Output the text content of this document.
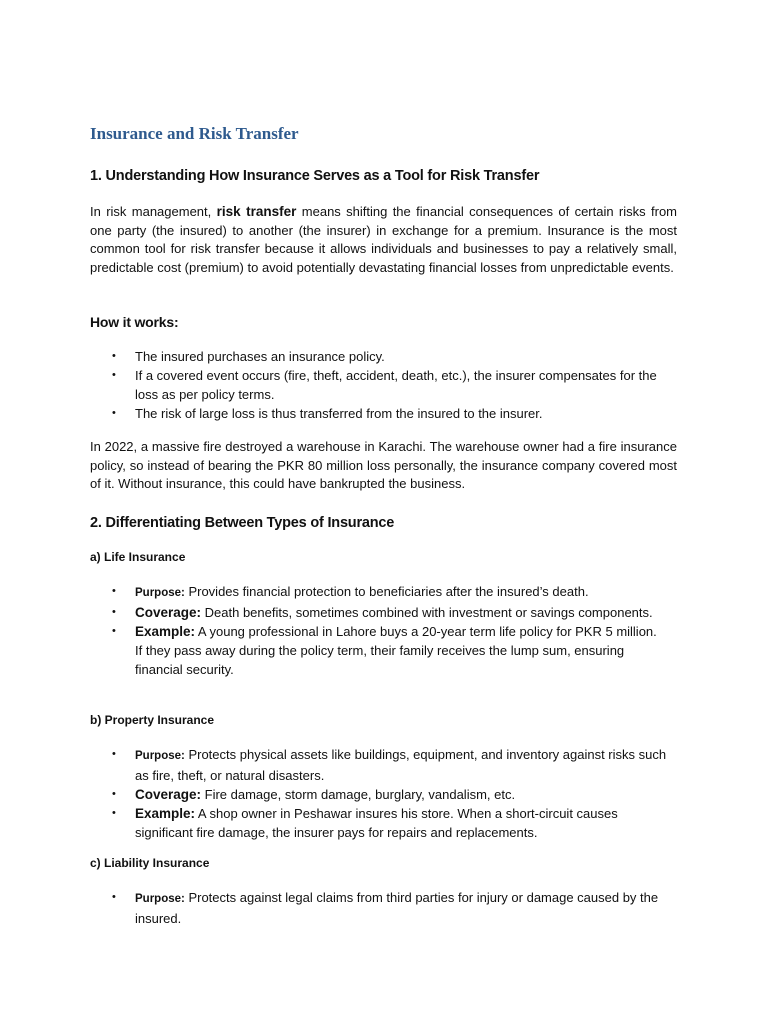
Insurance and Risk Transfer
1. Understanding How Insurance Serves as a Tool for Risk Transfer

In risk management, risk transfer means shifting the financial consequences of certain risks from one party (the insured) to another (the insurer) in exchange for a premium. Insurance is the most common tool for risk transfer because it allows individuals and businesses to pay a relatively small, predictable cost (premium) to avoid potentially devastating financial losses from unpredictable events.

How it works:
• The insured purchases an insurance policy.
• If a covered event occurs (fire, theft, accident, death, etc.), the insurer compensates for the loss as per policy terms.
• The risk of large loss is thus transferred from the insured to the insurer.

In 2022, a massive fire destroyed a warehouse in Karachi. The warehouse owner had a fire insurance policy, so instead of bearing the PKR 80 million loss personally, the insurance company covered most of it. Without insurance, this could have bankrupted the business.

2. Differentiating Between Types of Insurance
a) Life Insurance
• Purpose: Provides financial protection to beneficiaries after the insured’s death.
• Coverage: Death benefits, sometimes combined with investment or savings components.
• Example: A young professional in Lahore buys a 20-year term life policy for PKR 5 million. If they pass away during the policy term, their family receives the lump sum, ensuring financial security.
b) Property Insurance
• Purpose: Protects physical assets like buildings, equipment, and inventory against risks such as fire, theft, or natural disasters.
• Coverage: Fire damage, storm damage, burglary, vandalism, etc.
• Example: A shop owner in Peshawar insures his store. When a short-circuit causes significant fire damage, the insurer pays for repairs and replacements.
c) Liability Insurance
• Purpose: Protects against legal claims from third parties for injury or damage caused by the insured.
